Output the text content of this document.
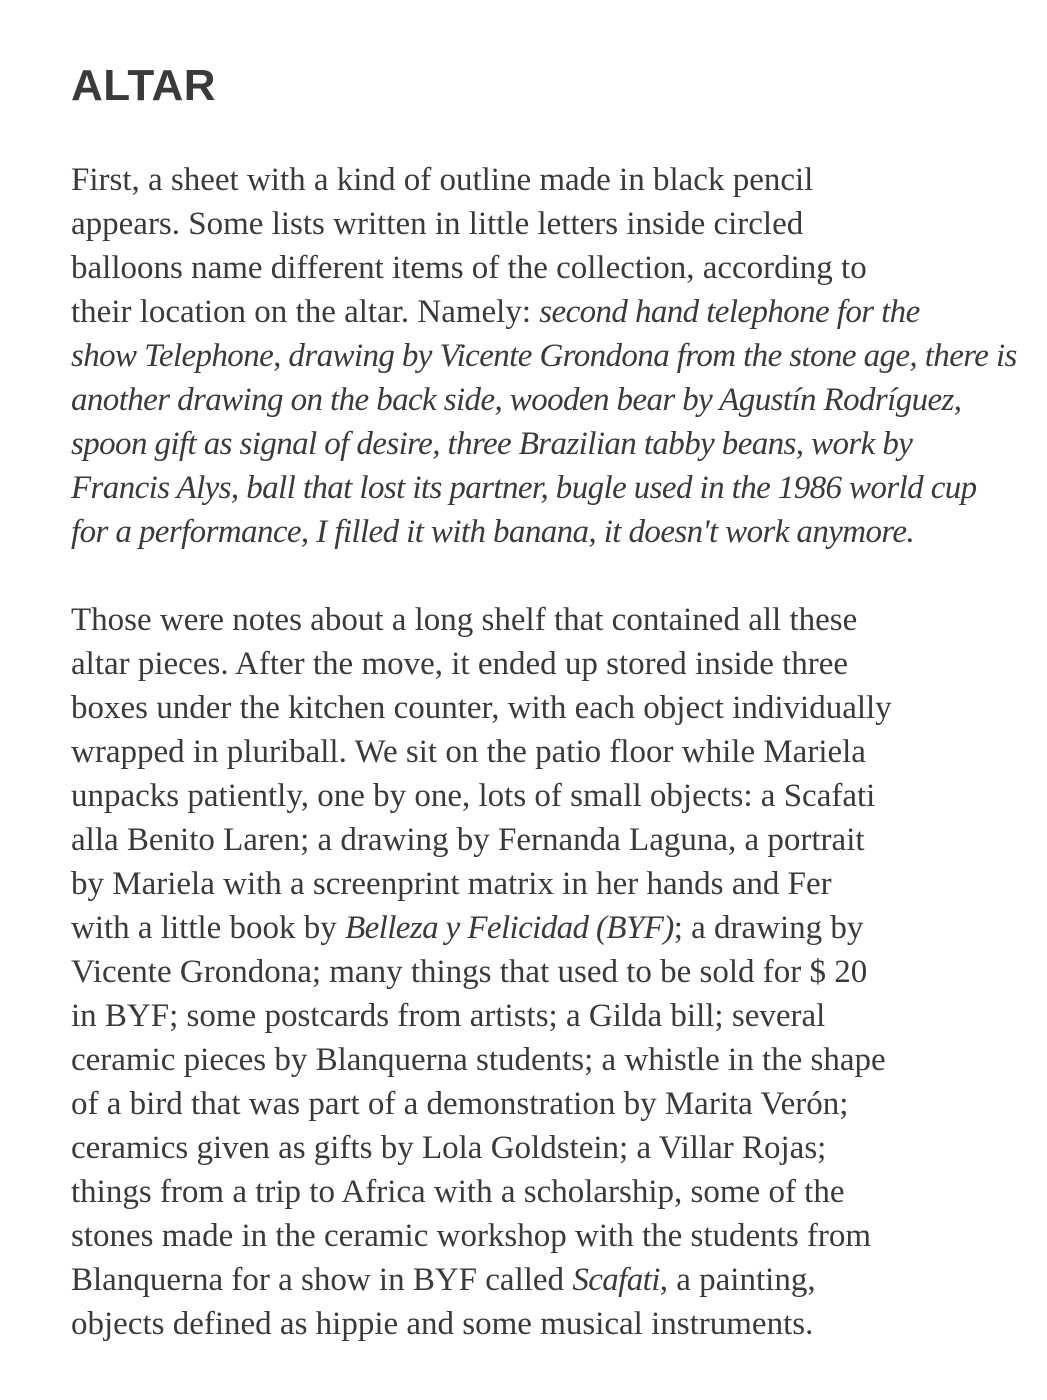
ALTAR

First, a sheet with a kind of outline made in black pencil
appears. Some lists written in little letters inside circled
balloons name different items of the collection, according to
their location on the altar. Namely: second hand telephone for the
show Telephone, drawing by Vicente Grondona from the stone age, there is
another drawing on the back side, wooden bear by Agustín Rodríguez,
spoon gift as signal of desire, three Brazilian tabby beans, work by
Francis Alys, ball that lost its partner, bugle used in the 1986 world cup
for a performance, I filled it with banana, it doesn't work anymore.

Those were notes about a long shelf that contained all these
altar pieces. After the move, it ended up stored inside three
boxes under the kitchen counter, with each object individually
wrapped in pluriball. We sit on the patio floor while Mariela
unpacks patiently, one by one, lots of small objects: a Scafati
alla Benito Laren; a drawing by Fernanda Laguna, a portrait
by Mariela with a screenprint matrix in her hands and Fer
with a little book by Belleza y Felicidad (BYF); a drawing by
Vicente Grondona; many things that used to be sold for $ 20
in BYF; some postcards from artists; a Gilda bill; several
ceramic pieces by Blanquerna students; a whistle in the shape
of a bird that was part of a demonstration by Marita Verón;
ceramics given as gifts by Lola Goldstein; a Villar Rojas;
things from a trip to Africa with a scholarship, some of the
stones made in the ceramic workshop with the students from
Blanquerna for a show in BYF called Scafati, a painting,
objects defined as hippie and some musical instruments.
